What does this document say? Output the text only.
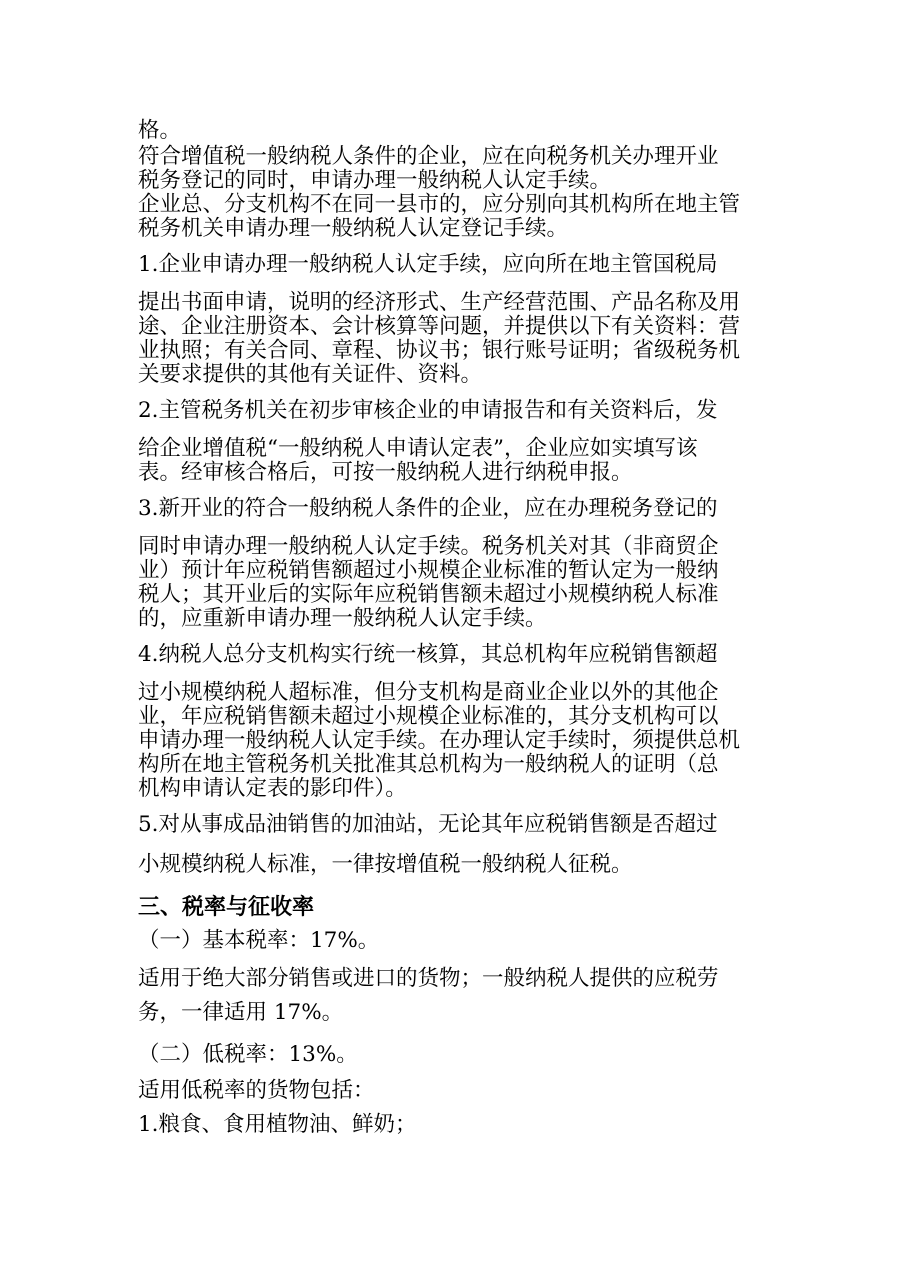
格。
符合增值税一般纳税人条件的企业，应在向税务机关办理开业
税务登记的同时，申请办理一般纳税人认定手续。
企业总、分支机构不在同一县市的，应分别向其机构所在地主管
税务机关申请办理一般纳税人认定登记手续。
1.企业申请办理一般纳税人认定手续，应向所在地主管国税局
提出书面申请，说明的经济形式、生产经营范围、产品名称及用
途、企业注册资本、会计核算等问题，并提供以下有关资料：营
业执照；有关合同、章程、协议书；银行账号证明；省级税务机
关要求提供的其他有关证件、资料。
2.主管税务机关在初步审核企业的申请报告和有关资料后，发
给企业增值税“一般纳税人申请认定表”，企业应如实填写该
表。经审核合格后，可按一般纳税人进行纳税申报。
3.新开业的符合一般纳税人条件的企业，应在办理税务登记的
同时申请办理一般纳税人认定手续。税务机关对其（非商贸企
业）预计年应税销售额超过小规模企业标准的暂认定为一般纳
税人；其开业后的实际年应税销售额未超过小规模纳税人标准
的，应重新申请办理一般纳税人认定手续。
4.纳税人总分支机构实行统一核算，其总机构年应税销售额超
过小规模纳税人超标准，但分支机构是商业企业以外的其他企
业，年应税销售额未超过小规模企业标准的，其分支机构可以
申请办理一般纳税人认定手续。在办理认定手续时，须提供总机
构所在地主管税务机关批准其总机构为一般纳税人的证明（总
机构申请认定表的影印件）。
5.对从事成品油销售的加油站，无论其年应税销售额是否超过
小规模纳税人标准，一律按增值税一般纳税人征税。
三、税率与征收率
（一）基本税率：17%。
适用于绝大部分销售或进口的货物；一般纳税人提供的应税劳
务，一律适用 17%。
（二）低税率：13%。
适用低税率的货物包括：
1.粮食、食用植物油、鲜奶；
